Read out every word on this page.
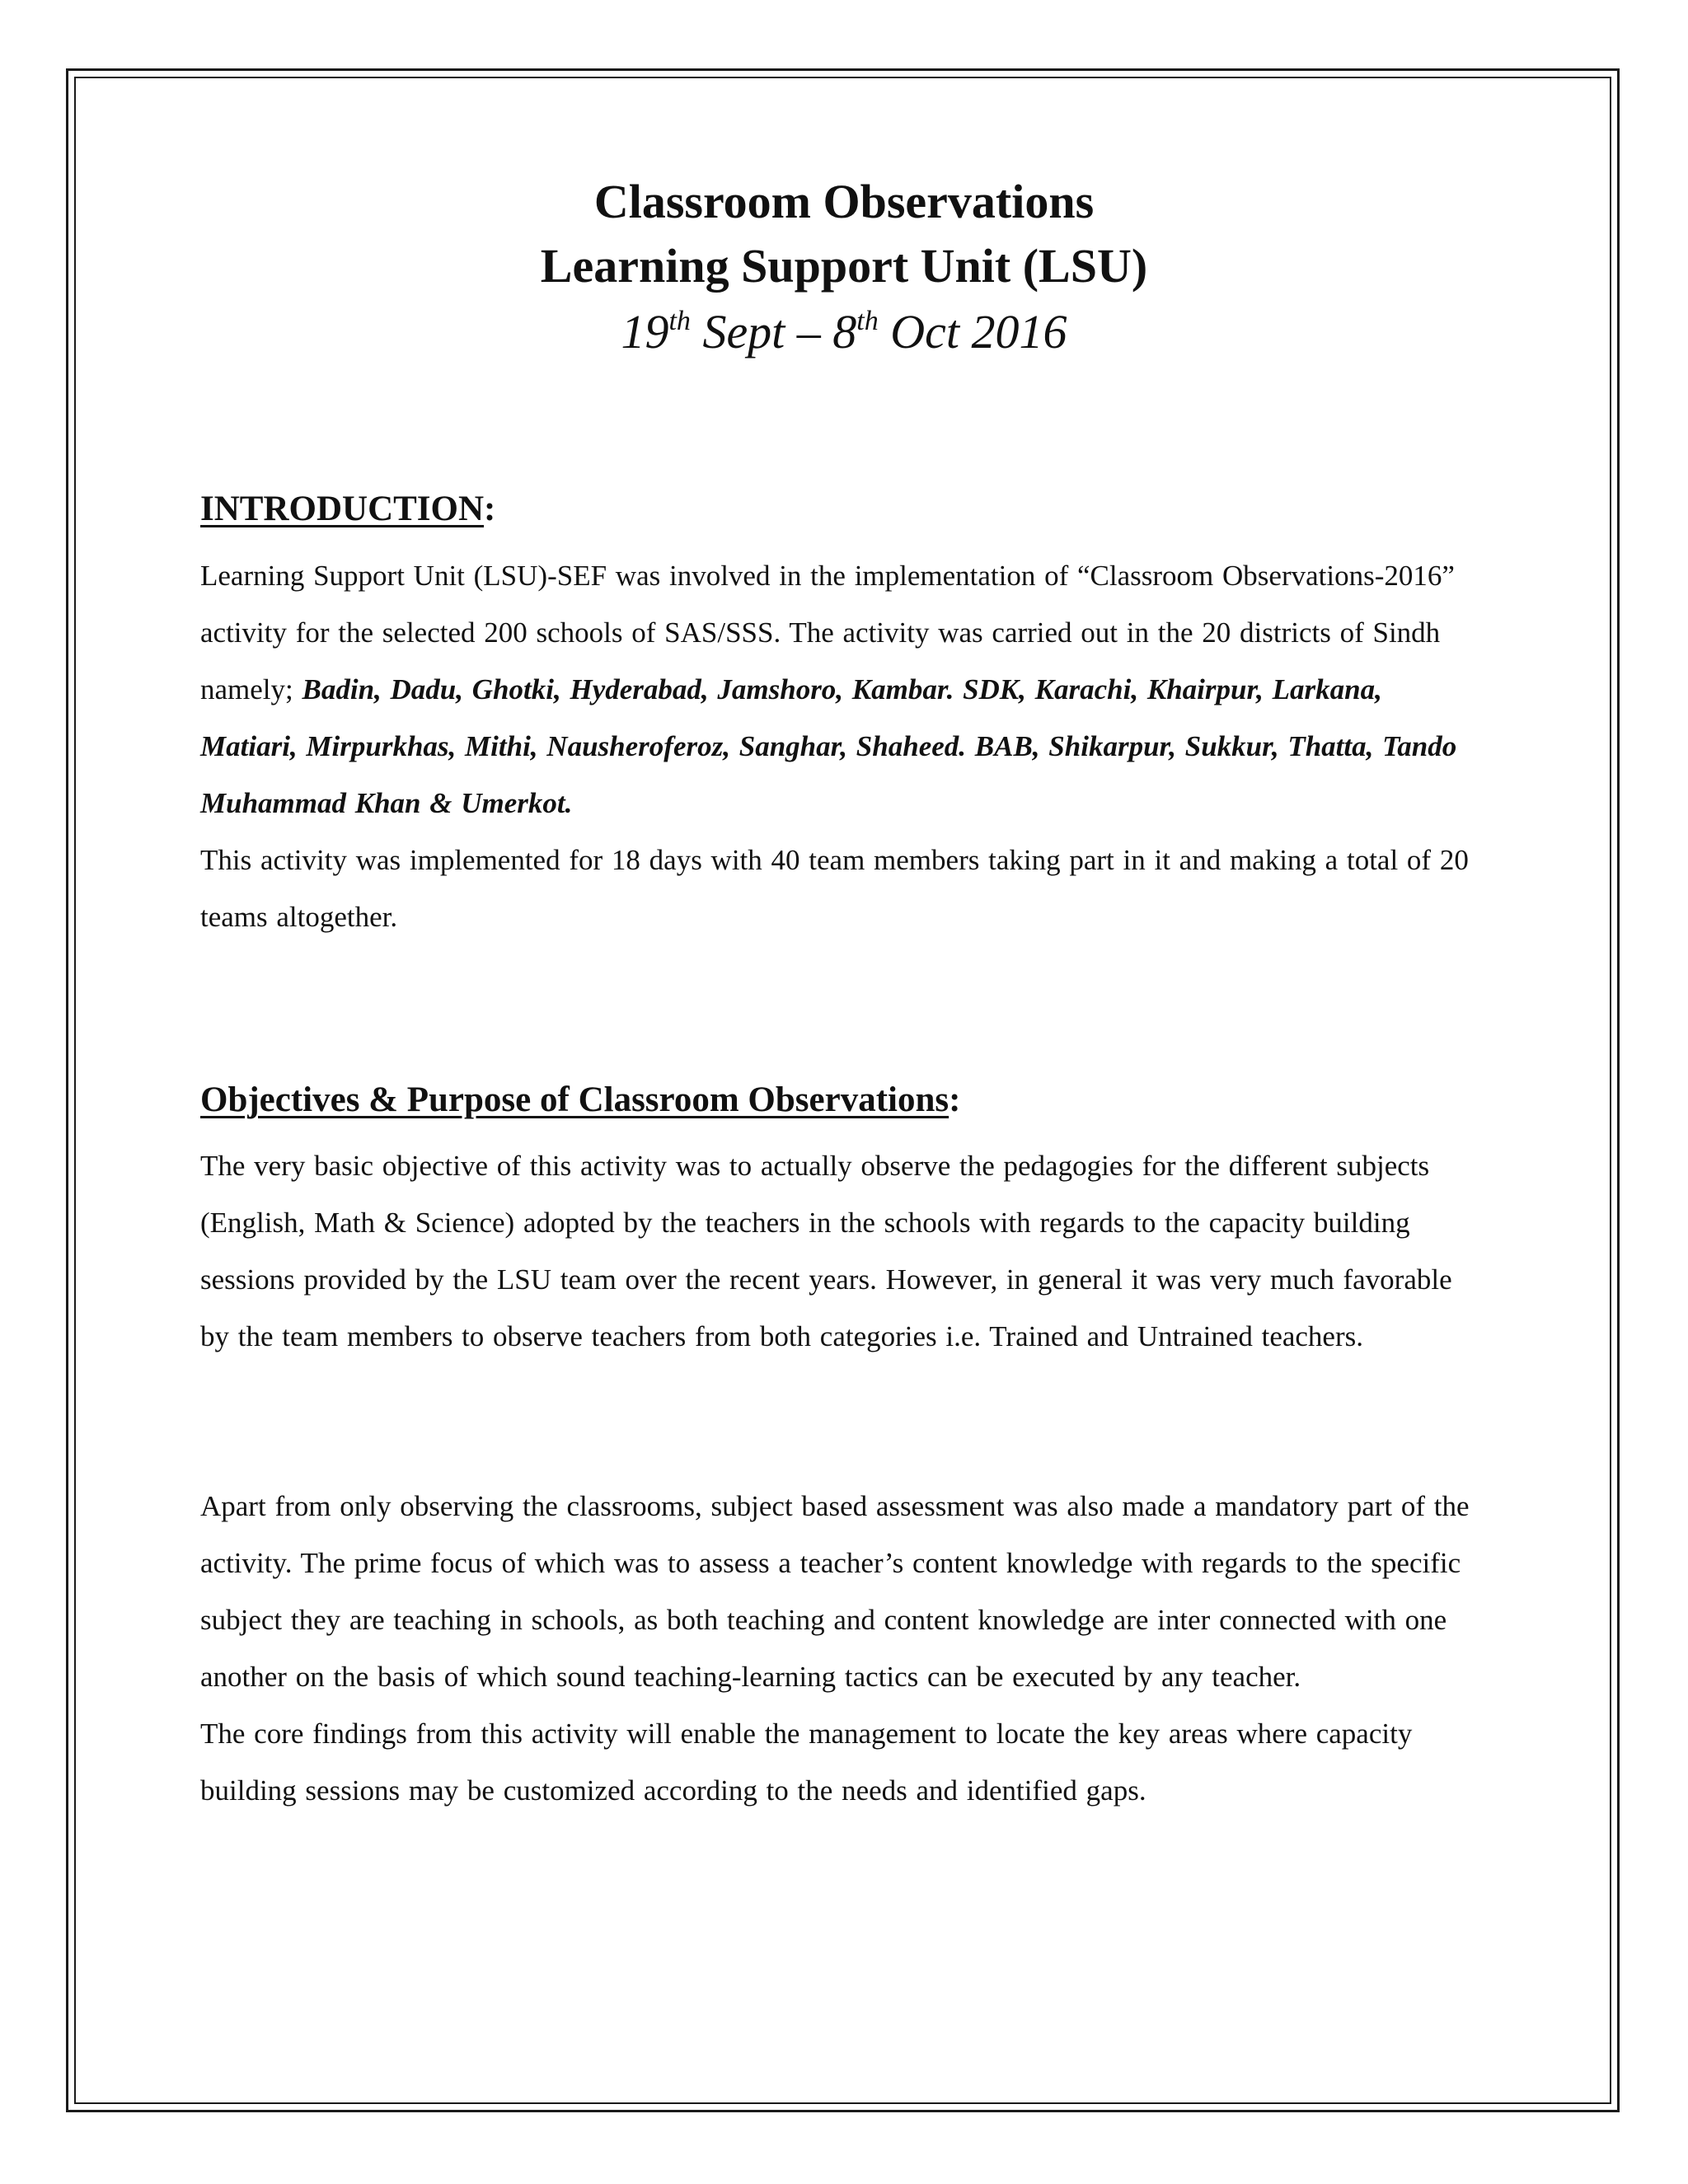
Classroom Observations
Learning Support Unit (LSU)
19th Sept – 8th Oct 2016

INTRODUCTION:

Learning Support Unit (LSU)-SEF was involved in the implementation of “Classroom Observations-2016” activity for the selected 200 schools of SAS/SSS. The activity was carried out in the 20 districts of Sindh namely; Badin, Dadu, Ghotki, Hyderabad, Jamshoro, Kambar. SDK, Karachi, Khairpur, Larkana, Matiari, Mirpurkhas, Mithi, Nausheroferoz, Sanghar, Shaheed. BAB, Shikarpur, Sukkur, Thatta, Tando Muhammad Khan & Umerkot.

This activity was implemented for 18 days with 40 team members taking part in it and making a total of 20 teams altogether.

Objectives & Purpose of Classroom Observations:

The very basic objective of this activity was to actually observe the pedagogies for the different subjects (English, Math & Science) adopted by the teachers in the schools with regards to the capacity building sessions provided by the LSU team over the recent years. However, in general it was very much favorable by the team members to observe teachers from both categories i.e. Trained and Untrained teachers.

Apart from only observing the classrooms, subject based assessment was also made a mandatory part of the activity. The prime focus of which was to assess a teacher’s content knowledge with regards to the specific subject they are teaching in schools, as both teaching and content knowledge are inter connected with one another on the basis of which sound teaching-learning tactics can be executed by any teacher.

The core findings from this activity will enable the management to locate the key areas where capacity building sessions may be customized according to the needs and identified gaps.
